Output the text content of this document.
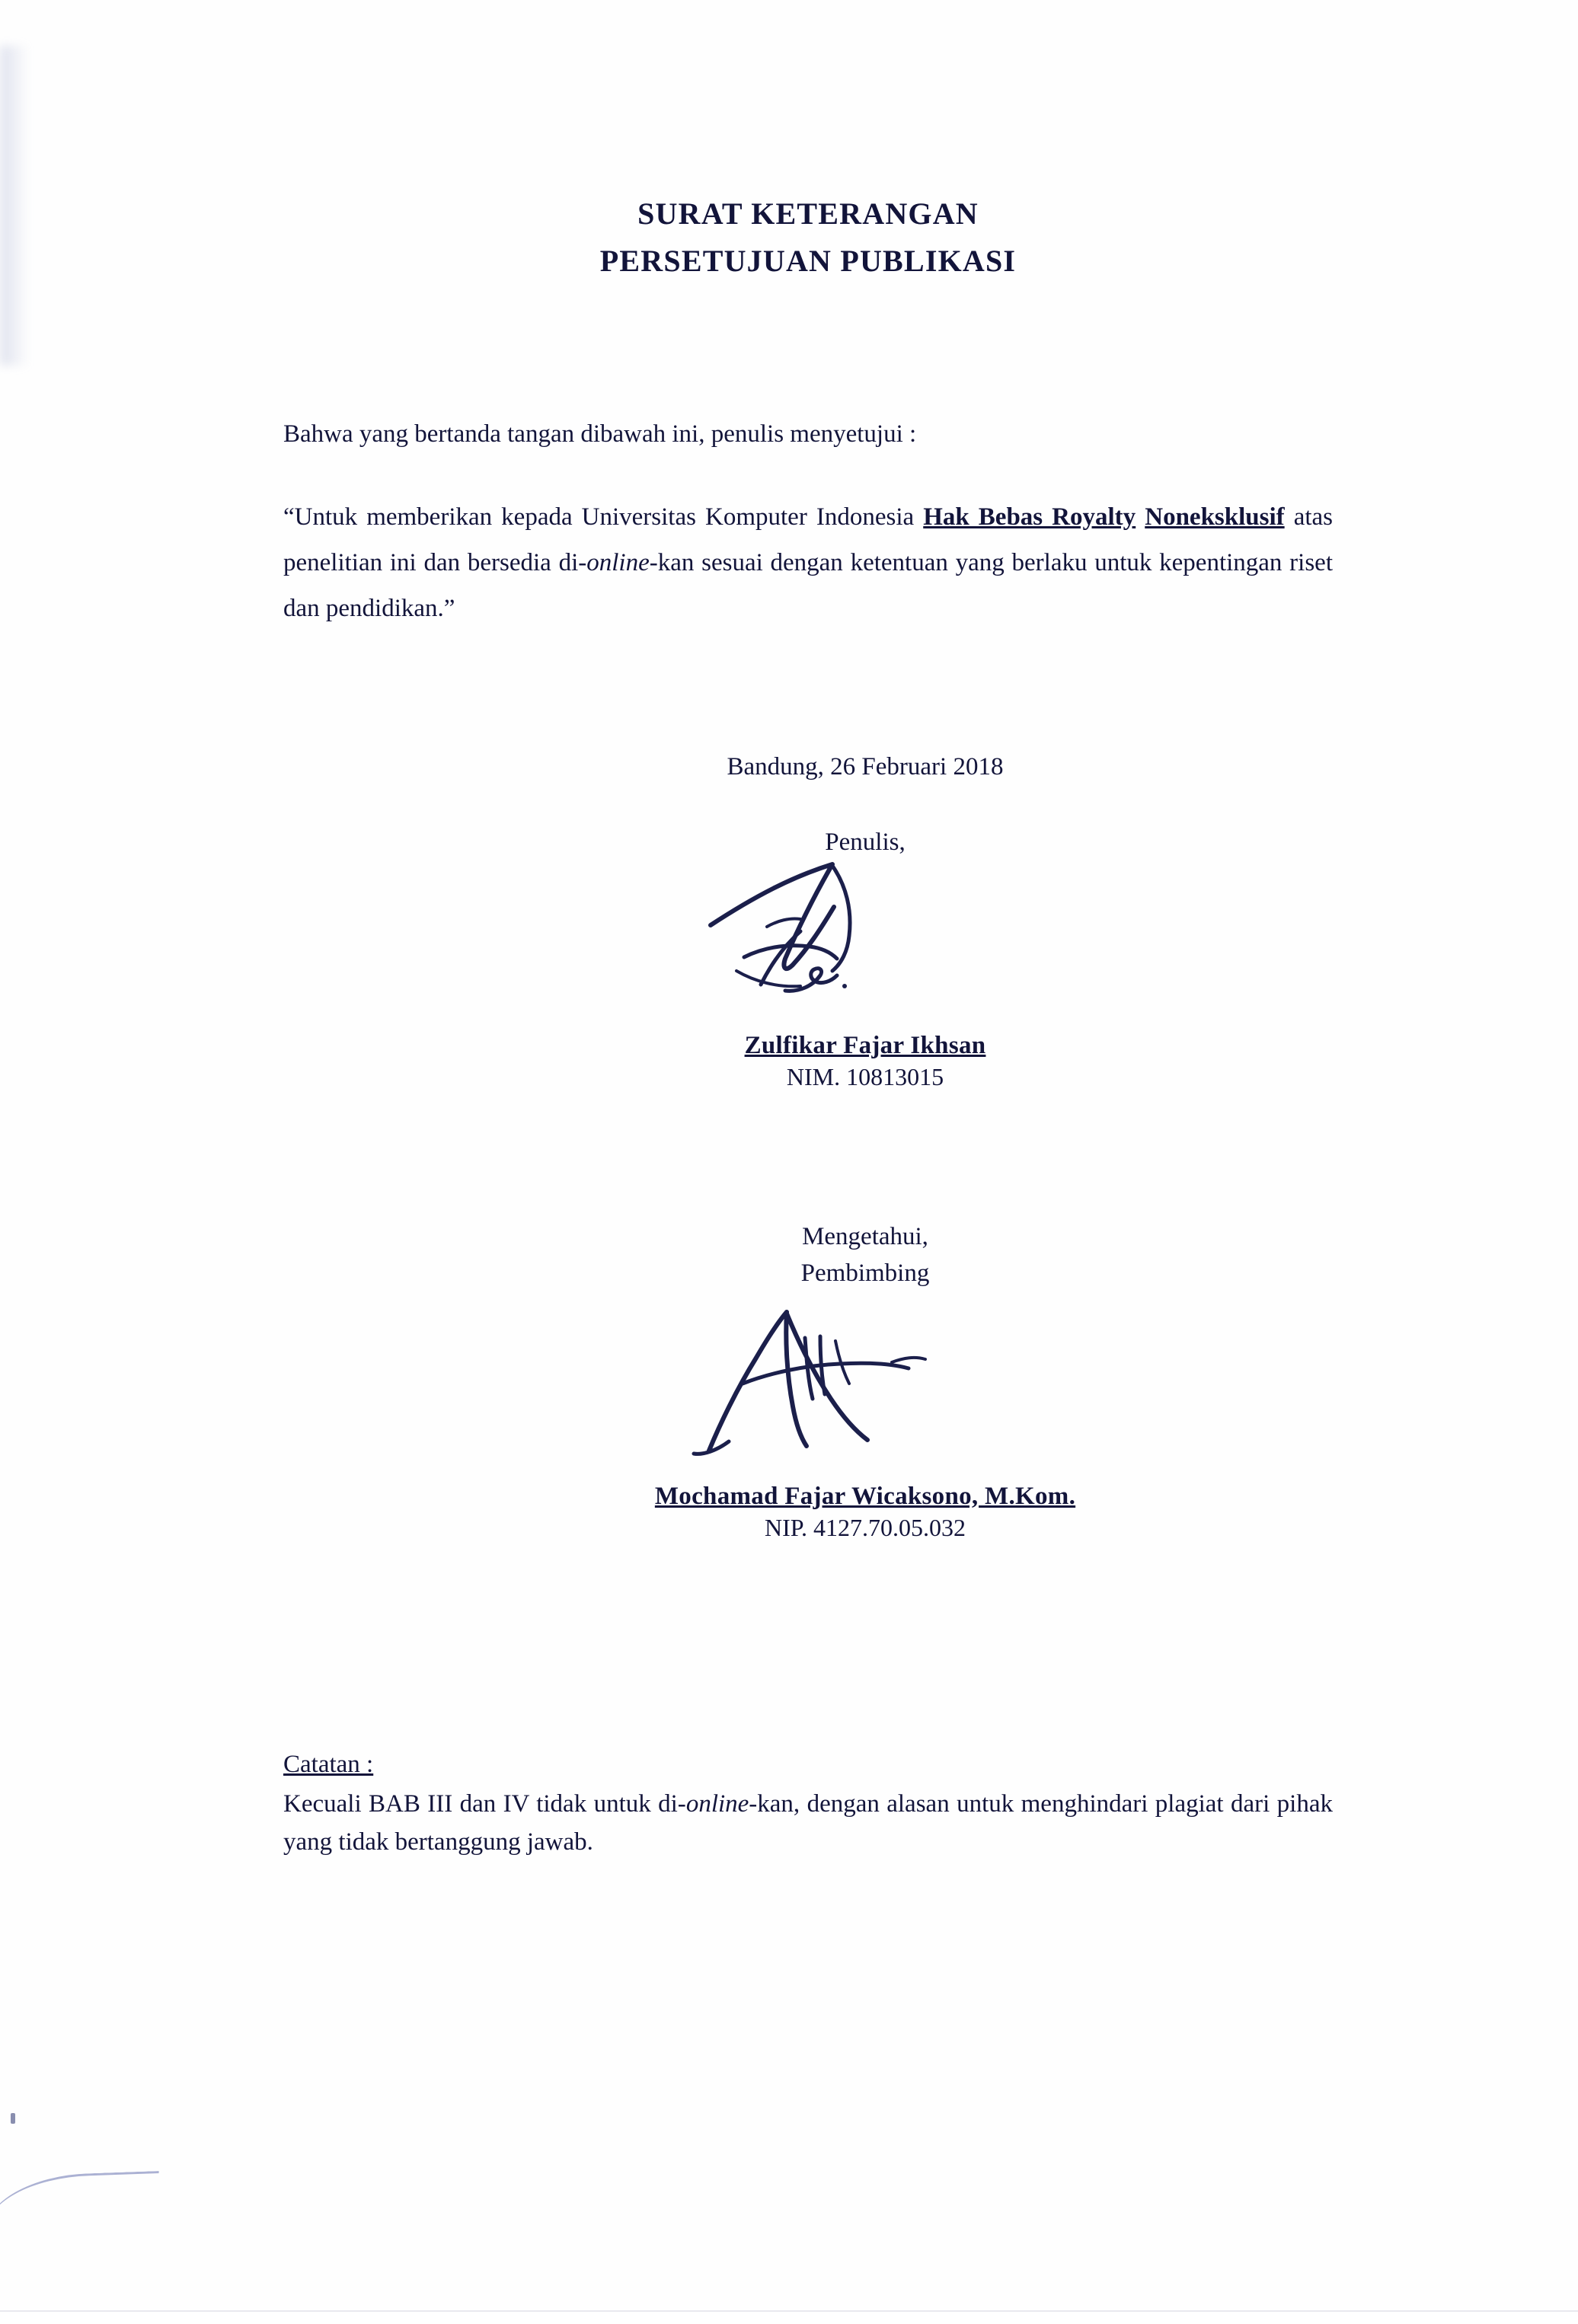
SURAT KETERANGAN
PERSETUJUAN PUBLIKASI
Bahwa yang bertanda tangan dibawah ini, penulis menyetujui :
“Untuk memberikan kepada Universitas Komputer Indonesia Hak Bebas Royalty Noneksklusif atas penelitian ini dan bersedia di-online-kan sesuai dengan ketentuan yang berlaku untuk kepentingan riset dan pendidikan.”
Bandung, 26 Februari 2018
Penulis,
Zulfikar Fajar Ikhsan
NIM. 10813015
Mengetahui,
Pembimbing
Mochamad Fajar Wicaksono, M.Kom.
NIP. 4127.70.05.032
Catatan :
Kecuali BAB III dan IV tidak untuk di-online-kan, dengan alasan untuk menghindari plagiat dari pihak yang tidak bertanggung jawab.
